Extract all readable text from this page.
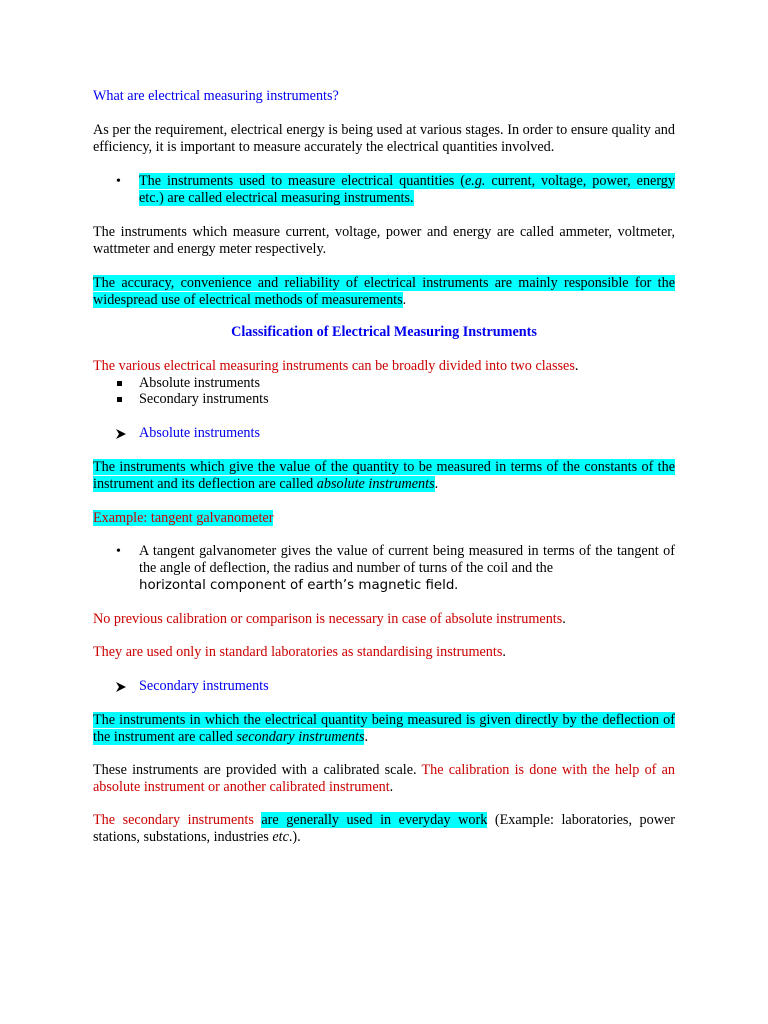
What are electrical measuring instruments?

As per the requirement, electrical energy is being used at various stages. In order to ensure quality and efficiency, it is important to measure accurately the electrical quantities involved.

• The instruments used to measure electrical quantities (e.g. current, voltage, power, energy etc.) are called electrical measuring instruments.

The instruments which measure current, voltage, power and energy are called ammeter, voltmeter, wattmeter and energy meter respectively.

The accuracy, convenience and reliability of electrical instruments are mainly responsible for the widespread use of electrical methods of measurements.

Classification of Electrical Measuring Instruments

The various electrical measuring instruments can be broadly divided into two classes.

Absolute instruments

Secondary instruments

Absolute instruments

The instruments which give the value of the quantity to be measured in terms of the constants of the instrument and its deflection are called absolute instruments.

Example: tangent galvanometer

• A tangent galvanometer gives the value of current being measured in terms of the tangent of the angle of deflection, the radius and number of turns of the coil and the

horizontal component of earth’s magnetic field.

No previous calibration or comparison is necessary in case of absolute instruments.

They are used only in standard laboratories as standardising instruments.

Secondary instruments

The instruments in which the electrical quantity being measured is given directly by the deflection of the instrument are called secondary instruments.

These instruments are provided with a calibrated scale. The calibration is done with the help of an absolute instrument or another calibrated instrument.

The secondary instruments are generally used in everyday work (Example: laboratories, power stations, substations, industries etc.).
